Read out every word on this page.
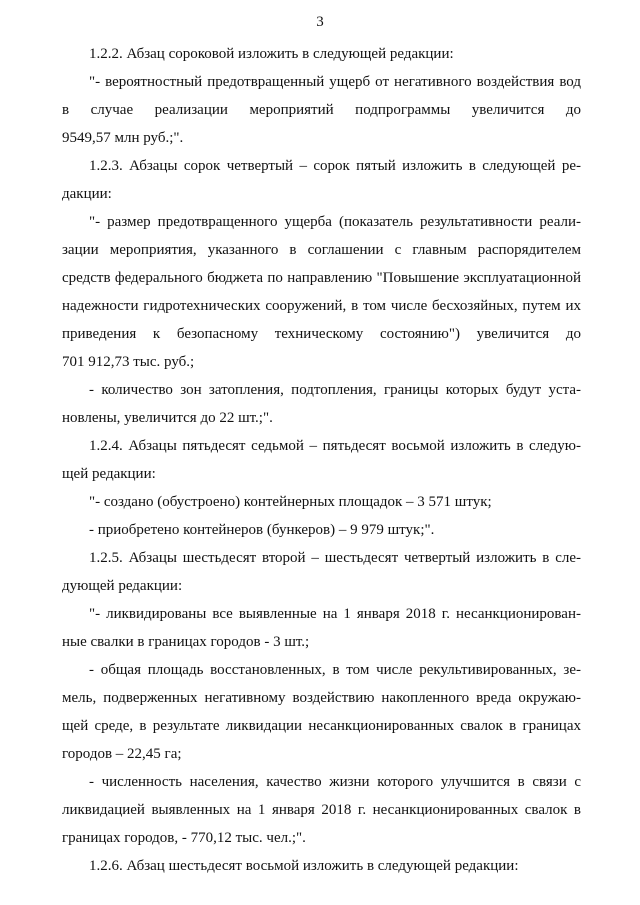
3
1.2.2. Абзац сороковой изложить в следующей редакции:
"- вероятностный предотвращенный ущерб от негативного воздействия вод
в случае реализации мероприятий подпрограммы увеличится до
9549,57 млн руб.;".
1.2.3. Абзацы сорок четвертый – сорок пятый изложить в следующей ре-
дакции:
"- размер предотвращенного ущерба (показатель результативности реали-
зации мероприятия, указанного в соглашении с главным распорядителем
средств федерального бюджета по направлению "Повышение эксплуатационной
надежности гидротехнических сооружений, в том числе бесхозяйных, путем их
приведения к безопасному техническому состоянию") увеличится до
701 912,73 тыс. руб.;
- количество зон затопления, подтопления, границы которых будут уста-
новлены, увеличится до 22 шт.;".
1.2.4. Абзацы пятьдесят седьмой – пятьдесят восьмой изложить в следую-
щей редакции:
"- создано (обустроено) контейнерных площадок – 3 571 штук;
- приобретено контейнеров (бункеров) – 9 979 штук;".
1.2.5. Абзацы шестьдесят второй – шестьдесят четвертый изложить в сле-
дующей редакции:
"- ликвидированы все выявленные на 1 января 2018 г. несанкционирован-
ные свалки в границах городов - 3 шт.;
- общая площадь восстановленных, в том числе рекультивированных, зе-
мель, подверженных негативному воздействию накопленного вреда окружаю-
щей среде, в результате ликвидации несанкционированных свалок в границах
городов – 22,45 га;
- численность населения, качество жизни которого улучшится в связи с
ликвидацией выявленных на 1 января 2018 г. несанкционированных свалок в
границах городов, - 770,12 тыс. чел.;".
1.2.6. Абзац шестьдесят восьмой изложить в следующей редакции:
